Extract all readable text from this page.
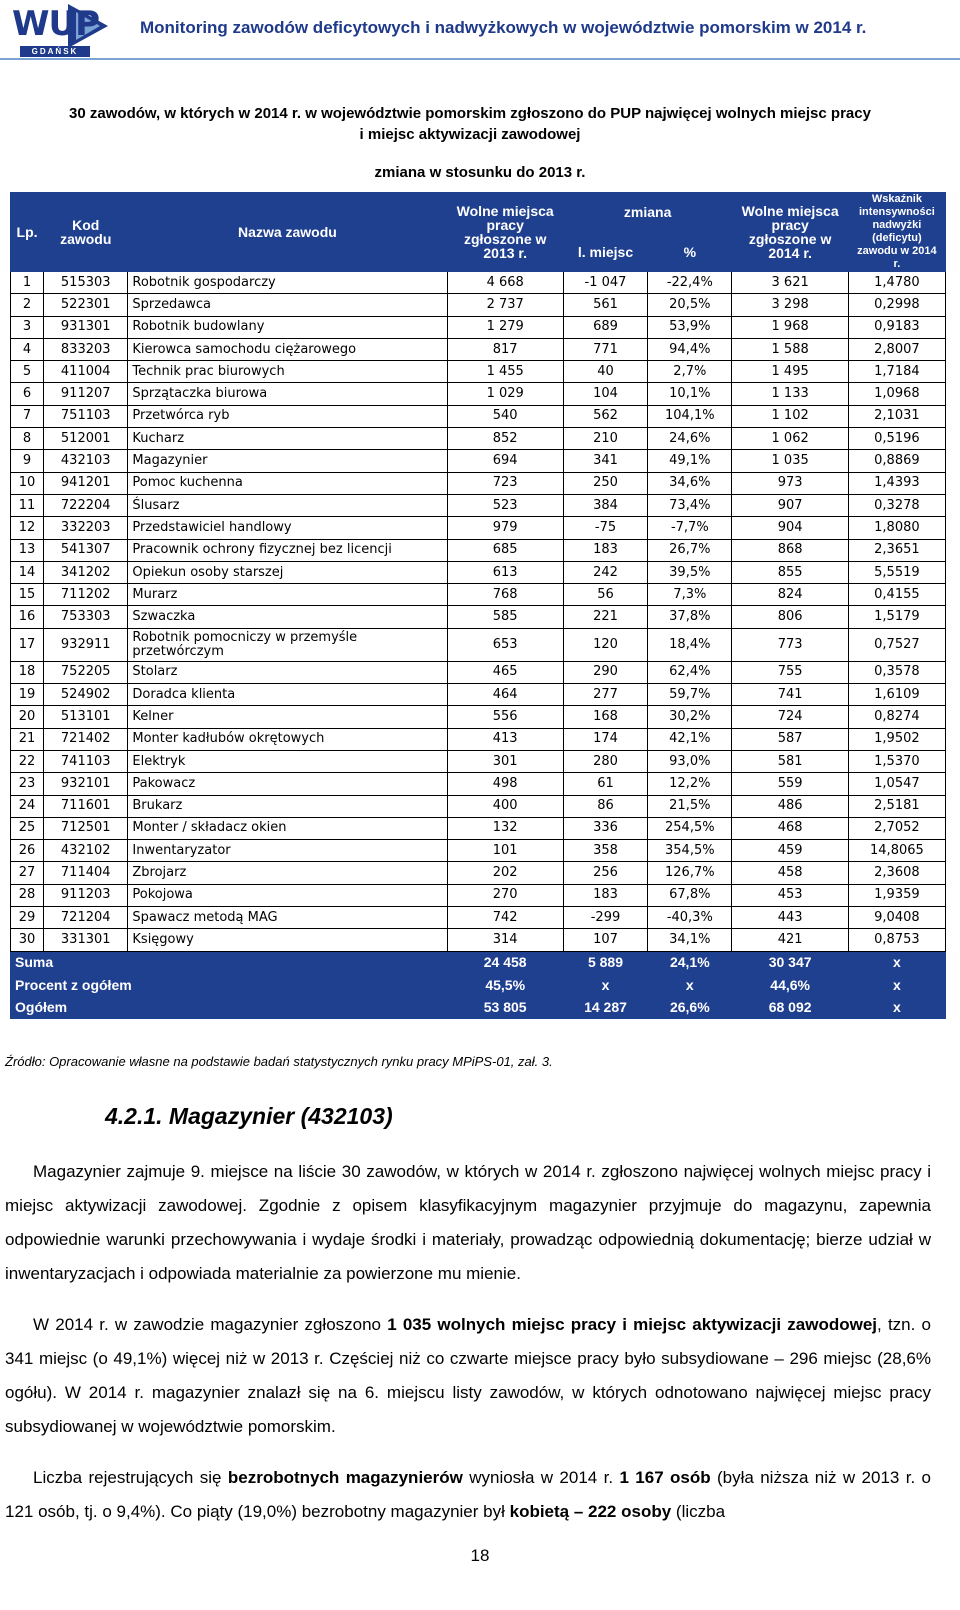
WUP
GDAŃSK
Monitoring zawodów deficytowych i nadwyżkowych w województwie pomorskim w 2014 r.
30 zawodów, w których w 2014 r. w województwie pomorskim zgłoszono do PUP najwięcej wolnych miejsc pracy
i miejsc aktywizacji zawodowej
zmiana w stosunku do 2013 r.
Lp.	Kod zawodu	Nazwa zawodu	Wolne miejsca pracy zgłoszone w 2013 r.	zmiana		Wolne miejsca pracy zgłoszone w 2014 r.	Wskaźnik intensywności nadwyżki (deficytu) zawodu w 2014 r.
				l. miejsc	%		
1	515303	Robotnik gospodarczy	4 668	-1 047	-22,4%	3 621	1,4780
2	522301	Sprzedawca	2 737	561	20,5%	3 298	0,2998
3	931301	Robotnik budowlany	1 279	689	53,9%	1 968	0,9183
4	833203	Kierowca samochodu ciężarowego	817	771	94,4%	1 588	2,8007
5	411004	Technik prac biurowych	1 455	40	2,7%	1 495	1,7184
6	911207	Sprzątaczka biurowa	1 029	104	10,1%	1 133	1,0968
7	751103	Przetwórca ryb	540	562	104,1%	1 102	2,1031
8	512001	Kucharz	852	210	24,6%	1 062	0,5196
9	432103	Magazynier	694	341	49,1%	1 035	0,8869
10	941201	Pomoc kuchenna	723	250	34,6%	973	1,4393
11	722204	Ślusarz	523	384	73,4%	907	0,3278
12	332203	Przedstawiciel handlowy	979	-75	-7,7%	904	1,8080
13	541307	Pracownik ochrony fizycznej bez licencji	685	183	26,7%	868	2,3651
14	341202	Opiekun osoby starszej	613	242	39,5%	855	5,5519
15	711202	Murarz	768	56	7,3%	824	0,4155
16	753303	Szwaczka	585	221	37,8%	806	1,5179
17	932911	Robotnik pomocniczy w przemyśle przetwórczym	653	120	18,4%	773	0,7527
18	752205	Stolarz	465	290	62,4%	755	0,3578
19	524902	Doradca klienta	464	277	59,7%	741	1,6109
20	513101	Kelner	556	168	30,2%	724	0,8274
21	721402	Monter kadłubów okrętowych	413	174	42,1%	587	1,9502
22	741103	Elektryk	301	280	93,0%	581	1,5370
23	932101	Pakowacz	498	61	12,2%	559	1,0547
24	711601	Brukarz	400	86	21,5%	486	2,5181
25	712501	Monter / składacz okien	132	336	254,5%	468	2,7052
26	432102	Inwentaryzator	101	358	354,5%	459	14,8065
27	711404	Zbrojarz	202	256	126,7%	458	2,3608
28	911203	Pokojowa	270	183	67,8%	453	1,9359
29	721204	Spawacz metodą MAG	742	-299	-40,3%	443	9,0408
30	331301	Księgowy	314	107	34,1%	421	0,8753
Suma			24 458	5 889	24,1%	30 347	x
Procent z ogółem			45,5%	x	x	44,6%	x
Ogółem			53 805	14 287	26,6%	68 092	x
Źródło: Opracowanie własne na podstawie badań statystycznych rynku pracy MPiPS-01, zał. 3.
4.2.1. Magazynier (432103)
Magazynier zajmuje 9. miejsce na liście 30 zawodów, w których w 2014 r. zgłoszono najwięcej wolnych miejsc pracy i miejsc aktywizacji zawodowej. Zgodnie z opisem klasyfikacyjnym magazynier przyjmuje do magazynu, zapewnia odpowiednie warunki przechowywania i wydaje środki i materiały, prowadząc odpowiednią dokumentację; bierze udział w inwentaryzacjach i odpowiada materialnie za powierzone mu mienie.
W 2014 r. w zawodzie magazynier zgłoszono 1 035 wolnych miejsc pracy i miejsc aktywizacji zawodowej, tzn. o 341 miejsc (o 49,1%) więcej niż w 2013 r. Częściej niż co czwarte miejsce pracy było subsydiowane – 296 miejsc (28,6% ogółu). W 2014 r. magazynier znalazł się na 6. miejscu listy zawodów, w których odnotowano najwięcej miejsc pracy subsydiowanej w województwie pomorskim.
Liczba rejestrujących się bezrobotnych magazynierów wyniosła w 2014 r. 1 167 osób (była niższa niż w 2013 r. o 121 osób, tj. o 9,4%). Co piąty (19,0%) bezrobotny magazynier był kobietą – 222 osoby (liczba
18
